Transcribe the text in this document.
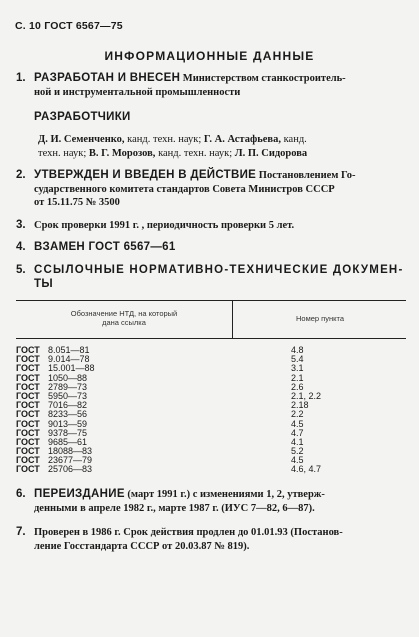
С. 10 ГОСТ 6567—75
ИНФОРМАЦИОННЫЕ ДАННЫЕ
1. РАЗРАБОТАН И ВНЕСЕН Министерством станкостроитель-
ной и инструментальной промышленности
РАЗРАБОТЧИКИ
Д. И. Семенченко, канд. техн. наук; Г. А. Астафьева, канд.
техн. наук; В. Г. Морозов, канд. техн. наук; Л. П. Сидорова
2. УТВЕРЖДЕН И ВВЕДЕН В ДЕЙСТВИЕ Постановлением Го-
сударственного комитета стандартов Совета Министров СССР
от 15.11.75 № 3500
3. Срок проверки 1991 г. , периодичность проверки 5 лет.
4. ВЗАМЕН ГОСТ 6567—61
5. ССЫЛОЧНЫЕ НОРМАТИВНО-ТЕХНИЧЕСКИЕ ДОКУМЕН-
ТЫ
Обозначение НТД, на который
дана ссылка	Номер пункта
ГОСТ 8.051—81	4.8
ГОСТ 9.014—78	5.4
ГОСТ 15.001—88	3.1
ГОСТ 1050—88	2.1
ГОСТ 2789—73	2.6
ГОСТ 5950—73	2.1, 2.2
ГОСТ 7016—82	2.18
ГОСТ 8233—56	2.2
ГОСТ 9013—59	4.5
ГОСТ 9378—75	4.7
ГОСТ 9685—61	4.1
ГОСТ 18088—83	5.2
ГОСТ 23677—79	4.5
ГОСТ 25706—83	4.6, 4.7
6. ПЕРЕИЗДАНИЕ (март 1991 г.) с изменениями 1, 2, утверж-
денными в апреле 1982 г., марте 1987 г. (ИУС 7—82, 6—87).
7. Проверен в 1986 г. Срок действия продлен до 01.01.93 (Постанов-
ление Госстандарта СССР от 20.03.87 № 819).
